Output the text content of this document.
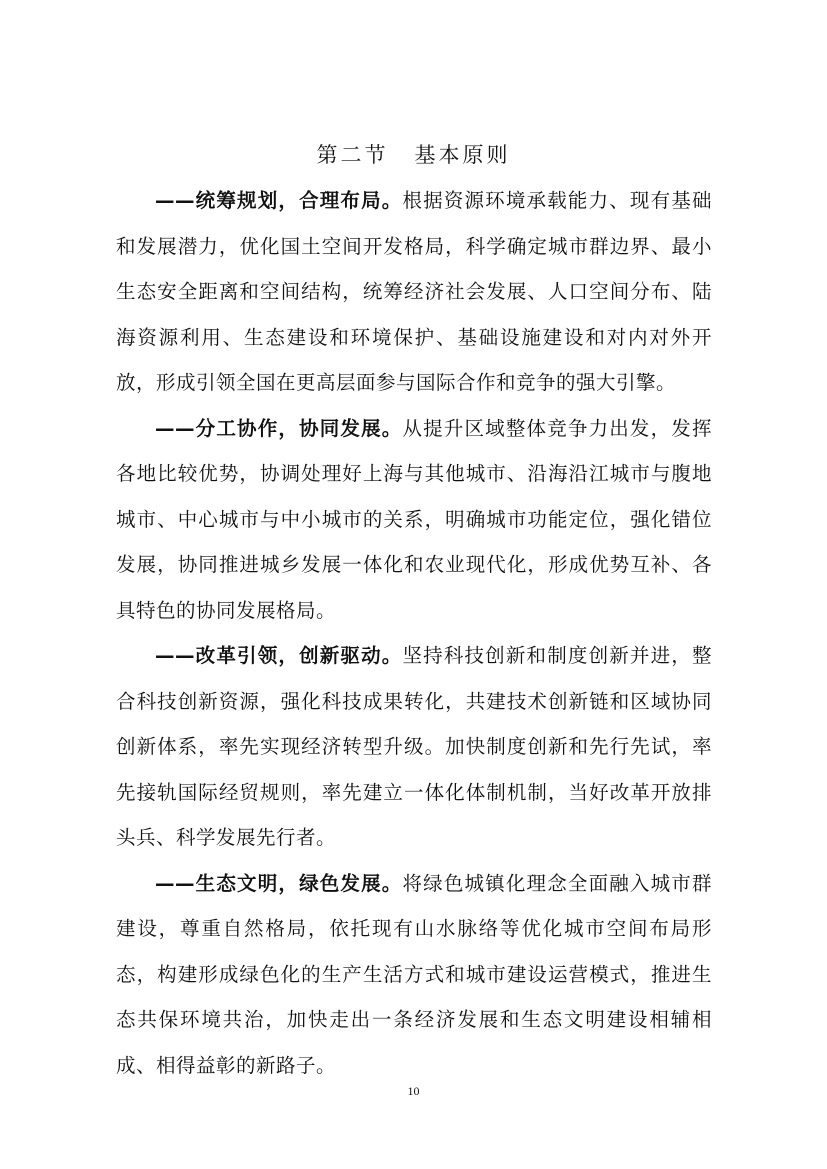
第二节 基本原则

——统筹规划，合理布局。根据资源环境承载能力、现有基础和发展潜力，优化国土空间开发格局，科学确定城市群边界、最小生态安全距离和空间结构，统筹经济社会发展、人口空间分布、陆海资源利用、生态建设和环境保护、基础设施建设和对内对外开放，形成引领全国在更高层面参与国际合作和竞争的强大引擎。

——分工协作，协同发展。从提升区域整体竞争力出发，发挥各地比较优势，协调处理好上海与其他城市、沿海沿江城市与腹地城市、中心城市与中小城市的关系，明确城市功能定位，强化错位发展，协同推进城乡发展一体化和农业现代化，形成优势互补、各具特色的协同发展格局。

——改革引领，创新驱动。坚持科技创新和制度创新并进，整合科技创新资源，强化科技成果转化，共建技术创新链和区域协同创新体系，率先实现经济转型升级。加快制度创新和先行先试，率先接轨国际经贸规则，率先建立一体化体制机制，当好改革开放排头兵、科学发展先行者。

——生态文明，绿色发展。将绿色城镇化理念全面融入城市群建设，尊重自然格局，依托现有山水脉络等优化城市空间布局形态，构建形成绿色化的生产生活方式和城市建设运营模式，推进生态共保环境共治，加快走出一条经济发展和生态文明建设相辅相成、相得益彰的新路子。

10
